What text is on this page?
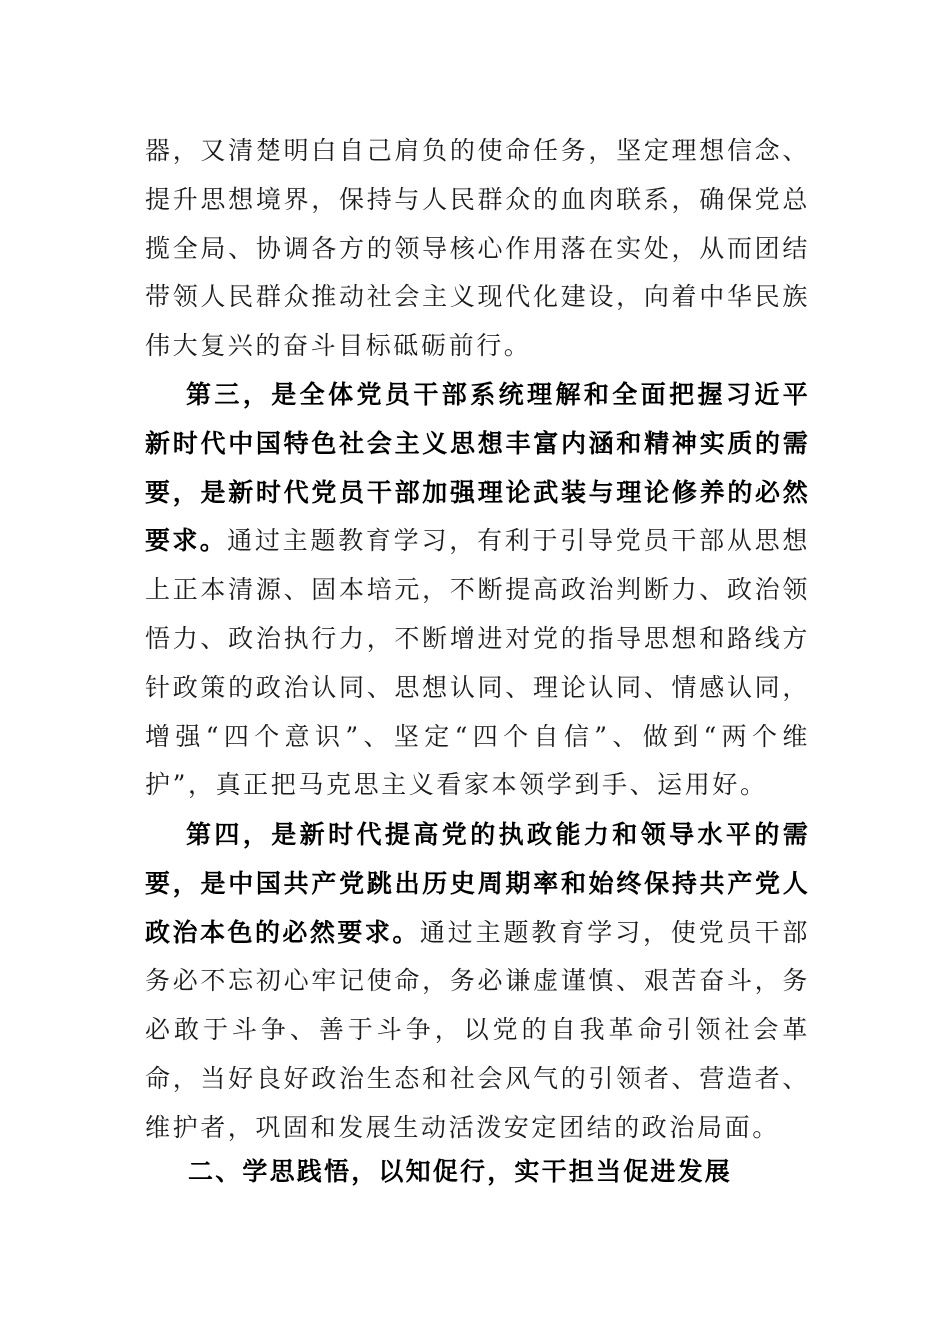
器，又清楚明白自己肩负的使命任务，坚定理想信念、提升思想境界，保持与人民群众的血肉联系，确保党总揽全局、协调各方的领导核心作用落在实处，从而团结带领人民群众推动社会主义现代化建设，向着中华民族伟大复兴的奋斗目标砥砺前行。

第三，是全体党员干部系统理解和全面把握习近平新时代中国特色社会主义思想丰富内涵和精神实质的需要，是新时代党员干部加强理论武装与理论修养的必然要求。通过主题教育学习，有利于引导党员干部从思想上正本清源、固本培元，不断提高政治判断力、政治领悟力、政治执行力，不断增进对党的指导思想和路线方针政策的政治认同、思想认同、理论认同、情感认同，增强“四个意识”、坚定“四个自信”、做到“两个维护”，真正把马克思主义看家本领学到手、运用好。

第四，是新时代提高党的执政能力和领导水平的需要，是中国共产党跳出历史周期率和始终保持共产党人政治本色的必然要求。通过主题教育学习，使党员干部务必不忘初心牢记使命，务必谦虚谨慎、艰苦奋斗，务必敢于斗争、善于斗争，以党的自我革命引领社会革命，当好良好政治生态和社会风气的引领者、营造者、维护者，巩固和发展生动活泼安定团结的政治局面。

二、学思践悟，以知促行，实干担当促进发展
